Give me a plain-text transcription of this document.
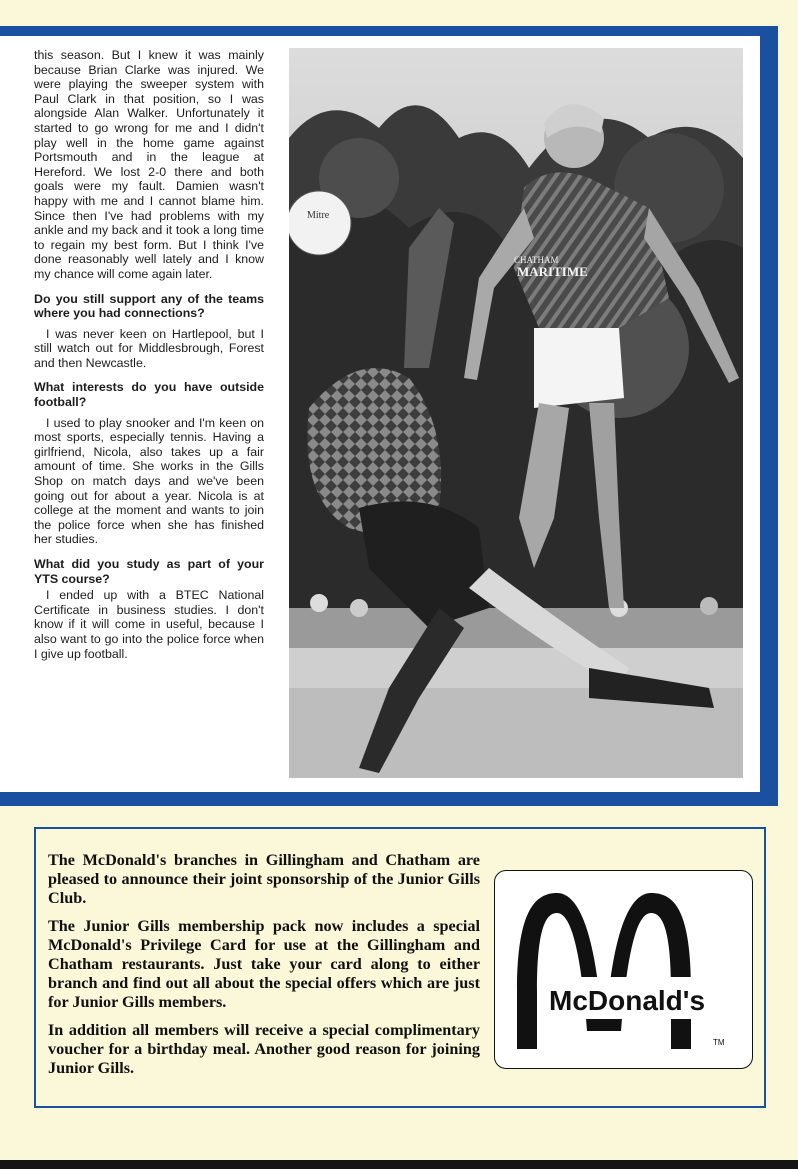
this season. But I knew it was mainly because Brian Clarke was injured. We were playing the sweeper system with Paul Clark in that position, so I was alongside Alan Walker. Unfortunately it started to go wrong for me and I didn't play well in the home game against Portsmouth and in the league at Hereford. We lost 2-0 there and both goals were my fault. Damien wasn't happy with me and I cannot blame him. Since then I've had problems with my ankle and my back and it took a long time to regain my best form. But I think I've done reasonably well lately and I know my chance will come again later.

Do you still support any of the teams where you had connections?

I was never keen on Hartlepool, but I still watch out for Middlesbrough, Forest and then Newcastle.

What interests do you have outside football?

I used to play snooker and I'm keen on most sports, especially tennis. Having a girlfriend, Nicola, also takes up a fair amount of time. She works in the Gills Shop on match days and we've been going out for about a year. Nicola is at college at the moment and wants to join the police force when she has finished her studies.

What did you study as part of your YTS course?

I ended up with a BTEC National Certificate in business studies. I don't know if it will come in useful, because I also want to go into the police force when I give up football.

Mitre
CHATHAM
MARITIME

The McDonald's branches in Gillingham and Chatham are pleased to announce their joint sponsorship of the Junior Gills Club.

The Junior Gills membership pack now includes a special McDonald's Privilege Card for use at the Gillingham and Chatham restaurants. Just take your card along to either branch and find out all about the special offers which are just for Junior Gills members.

In addition all members will receive a special complimentary voucher for a birthday meal. Another good reason for joining Junior Gills.

McDonald's
TM
